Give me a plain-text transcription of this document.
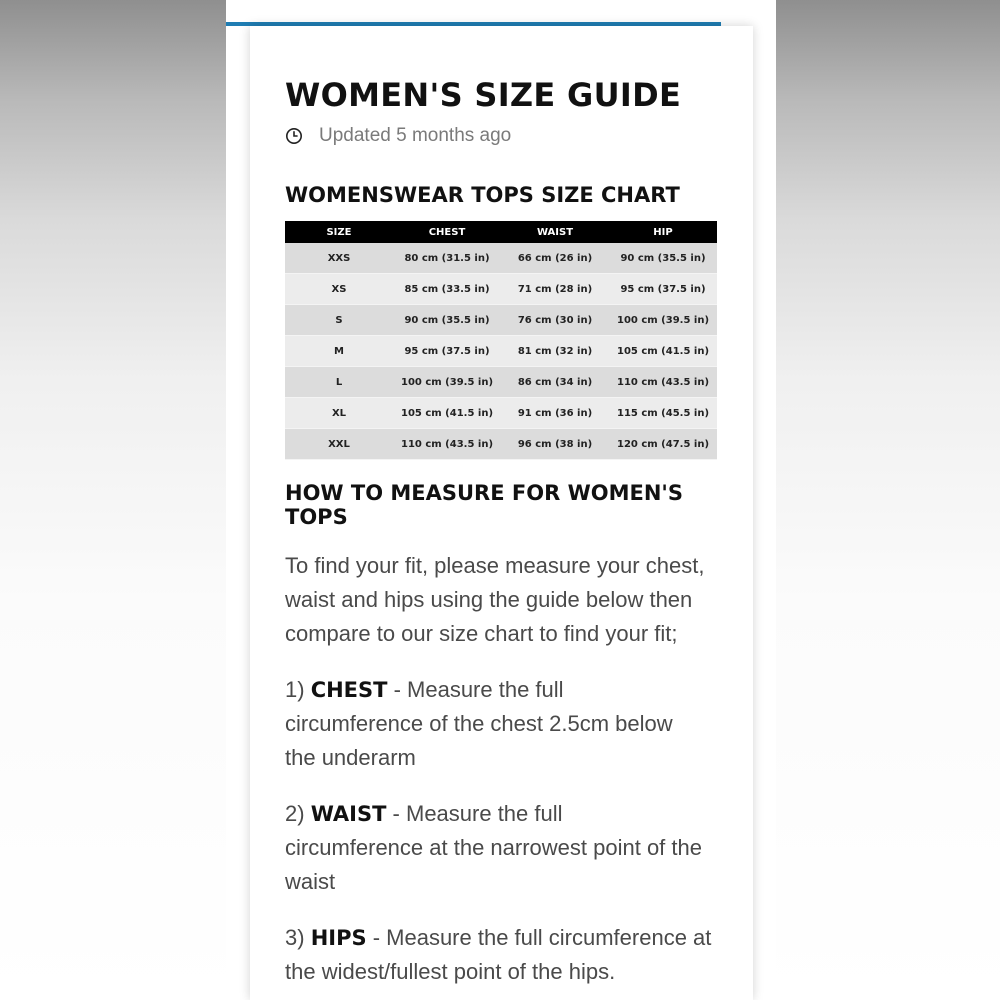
WOMEN'S SIZE GUIDE
Updated 5 months ago
WOMENSWEAR TOPS SIZE CHART
SIZE	CHEST	WAIST	HIP
XXS	80 cm (31.5 in)	66 cm (26 in)	90 cm (35.5 in)
XS	85 cm (33.5 in)	71 cm (28 in)	95 cm (37.5 in)
S	90 cm (35.5 in)	76 cm (30 in)	100 cm (39.5 in)
M	95 cm (37.5 in)	81 cm (32 in)	105 cm (41.5 in)
L	100 cm (39.5 in)	86 cm (34 in)	110 cm (43.5 in)
XL	105 cm (41.5 in)	91 cm (36 in)	115 cm (45.5 in)
XXL	110 cm (43.5 in)	96 cm (38 in)	120 cm (47.5 in)
HOW TO MEASURE FOR WOMEN'S TOPS

To find your fit, please measure your chest, waist and hips using the guide below then compare to our size chart to find your fit;

1) CHEST - Measure the full circumference of the chest 2.5cm below the underarm

2) WAIST - Measure the full circumference at the narrowest point of the waist

3) HIPS - Measure the full circumference at the widest/fullest point of the hips.
